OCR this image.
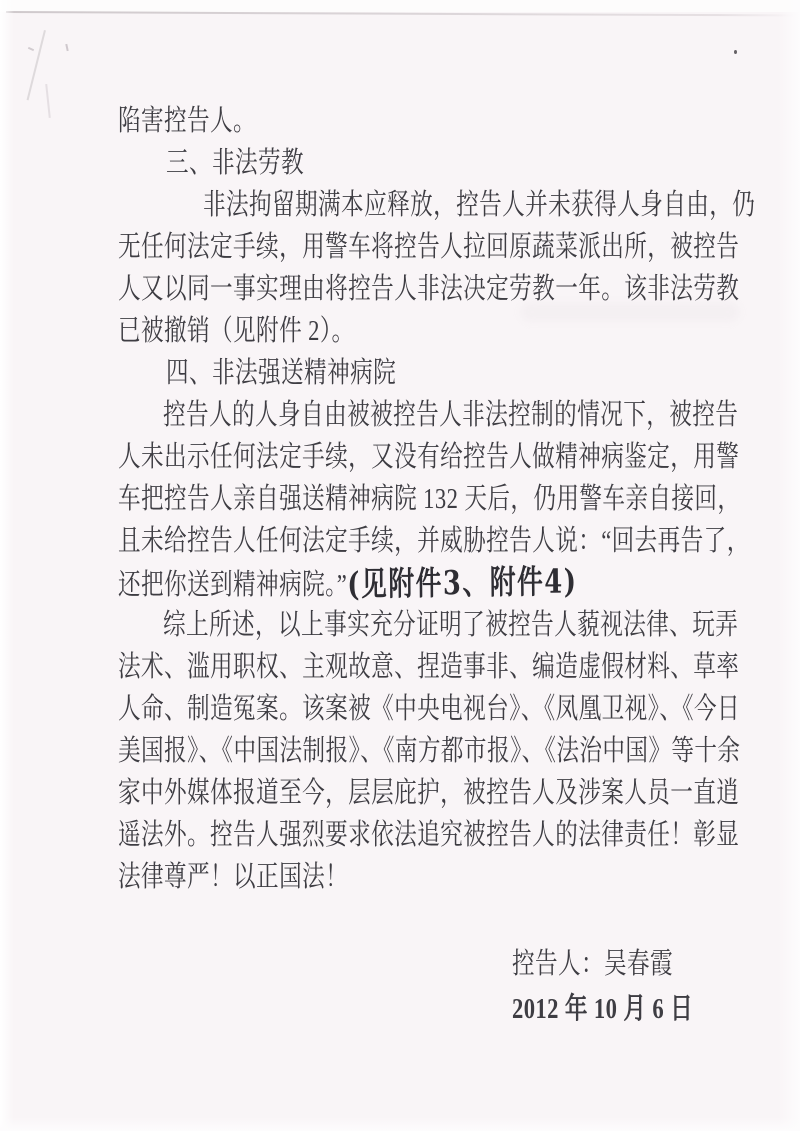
陷害控告人。
三、非法劳教
非法拘留期满本应释放，控告人并未获得人身自由，仍
无任何法定手续，用警车将控告人拉回原蔬菜派出所，被控告
人又以同一事实理由将控告人非法决定劳教一年。该非法劳教
已被撤销（见附件 2）。
四、非法强送精神病院
控告人的人身自由被被控告人非法控制的情况下，被控告
人未出示任何法定手续，又没有给控告人做精神病鉴定，用警
车把控告人亲自强送精神病院 132 天后，仍用警车亲自接回，
且未给控告人任何法定手续，并威胁控告人说：“回去再告了，
还把你送到精神病院。”(见附件3、附件4)
综上所述，以上事实充分证明了被控告人藐视法律、玩弄
法术、滥用职权、主观故意、捏造事非、编造虚假材料、草率
人命、制造冤案。该案被《中央电视台》、《凤凰卫视》、《今日
美国报》、《中国法制报》、《南方都市报》、《法治中国》等十余
家中外媒体报道至今，层层庇护，被控告人及涉案人员一直逍
遥法外。控告人强烈要求依法追究被控告人的法律责任！彰显
法律尊严！以正国法！
控告人：吴春霞
2012 年 10 月 6 日
